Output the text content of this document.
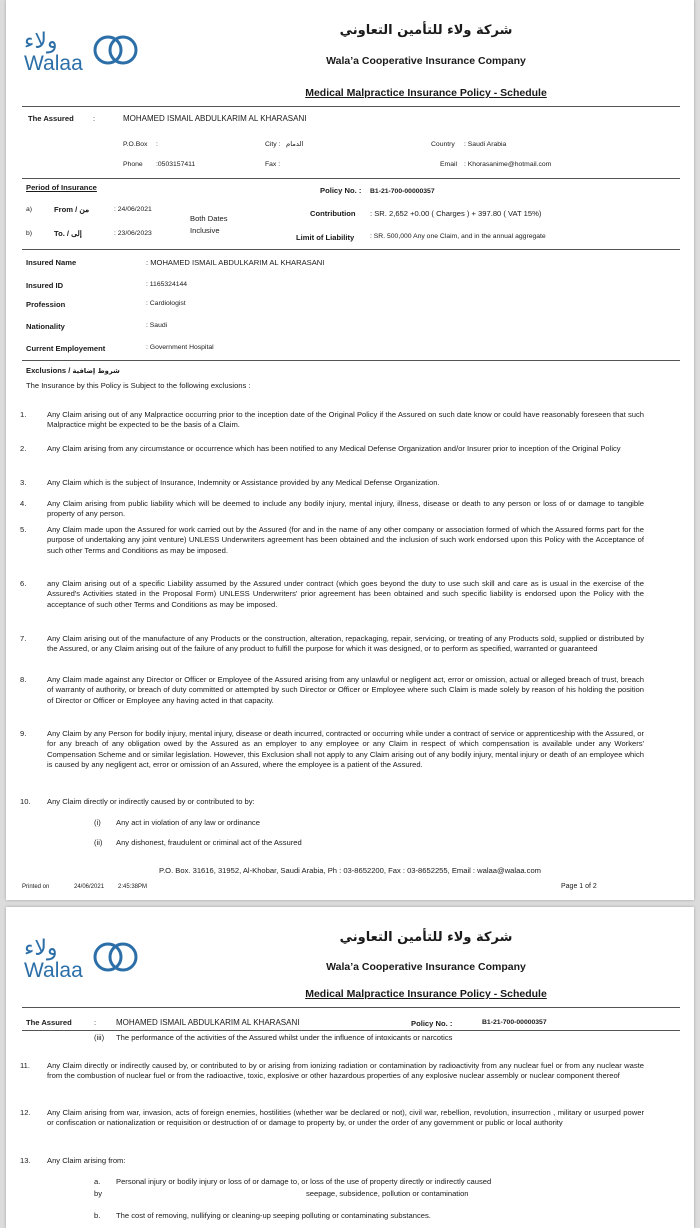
ولاء
Walaa
شركة ولاء للتأمين التعاوني
Wala’a Cooperative Insurance Company
Medical Malpractice Insurance Policy - Schedule
The Assured	:	MOHAMED ISMAIL ABDULKARIM AL KHARASANI
P.O.Box :	City : الدمام	Country : Saudi Arabia
Phone :0503157411	Fax :	Email : Khorasanime@hotmail.com
Period of Insurance	Policy No. : B1-21-700-00000357
a)	From / من	: 24/06/2021
Both Dates
Inclusive
Contribution : SR. 2,652 +0.00 ( Charges ) + 397.80 ( VAT 15%)
b)	To. / إلى	: 23/06/2023	Limit of Liability : SR. 500,000 Any one Claim, and in the annual aggregate
Insured Name	: MOHAMED ISMAIL ABDULKARIM AL KHARASANI
Insured ID	: 1165324144
Profession	: Cardiologist
Nationality	: Saudi
Current Employement	: Government Hospital
Exclusions / شروط إضافية
The Insurance by this Policy is Subject to the following exclusions :
1.	Any Claim arising out of any Malpractice occurring prior to the inception date of the Original Policy if the Assured on such date know or could have reasonably foreseen that such Malpractice might be expected to be the basis of a Claim.
2.	Any Claim arising from any circumstance or occurrence which has been notified to any Medical Defense Organization and/or Insurer prior to inception of the Original Policy
3.	Any Claim which is the subject of Insurance, Indemnity or Assistance provided by any Medical Defense Organization.
4.	Any Claim arising from public liability which will be deemed to include any bodily injury, mental injury, illness, disease or death to any person or loss of or damage to tangible property of any person.
5.	Any Claim made upon the Assured for work carried out by the Assured (for and in the name of any other company or association formed of which the Assured forms part for the purpose of undertaking any joint venture) UNLESS Underwriters agreement has been obtained and the inclusion of such work endorsed upon this Policy with the Acceptance of such other Terms and Conditions as may be imposed.
6.	any Claim arising out of a specific Liability assumed by the Assured under contract (which goes beyond the duty to use such skill and care as is usual in the exercise of the Assured's Activities stated in the Proposal Form) UNLESS Underwriters' prior agreement has been obtained and such specific liability is endorsed upon the Policy with the acceptance of such other Terms and Conditions as may be imposed.
7.	Any Claim arising out of the manufacture of any Products or the construction, alteration, repackaging, repair, servicing, or treating of any Products sold, supplied or distributed by the Assured, or any Claim arising out of the failure of any product to fulfill the purpose for which it was designed, or to perform as specified, warranted or guaranteed
8.	Any Claim made against any Director or Officer or Employee of the Assured arising from any unlawful or negligent act, error or omission, actual or alleged breach of trust, breach of warranty of authority, or breach of duty committed or attempted by such Director or Officer or Employee where such Claim is made solely by reason of his holding the position of Director or Officer or Employee any having acted in that capacity.
9.	Any Claim by any Person for bodily injury, mental injury, disease or death incurred, contracted or occurring while under a contract of service or apprenticeship with the Assured, or for any breach of any obligation owed by the Assured as an employer to any employee or any Claim in respect of which compensation is available under any Workers' Compensation Scheme and or similar legislation. However, this Exclusion shall not apply to any Claim arising out of any bodily injury, mental injury or death of an employee which is caused by any negligent act, error or omission of an Assured, where the employee is a patient of the Assured.
10. Any Claim directly or indirectly caused by or contributed to by:
(i) Any act in violation of any law or ordinance
(ii) Any dishonest, fraudulent or criminal act of the Assured
P.O. Box. 31616, 31952, Al-Khobar, Saudi Arabia, Ph : 03-8652200, Fax : 03-8652255, Email : walaa@walaa.com
Printed on	24/06/2021 2:45:38PM	Page 1 of 2
ولاء
Walaa
شركة ولاء للتأمين التعاوني
Wala’a Cooperative Insurance Company
Medical Malpractice Insurance Policy - Schedule
The Assured	: MOHAMED ISMAIL ABDULKARIM AL KHARASANI	Policy No. :	B1-21-700-00000357
(iii) The performance of the activities of the Assured whilst under the influence of intoxicants or narcotics
11. Any Claim directly or indirectly caused by, or contributed to by or arising from ionizing radiation or contamination by radioactivity from any nuclear fuel or from any nuclear waste from the combustion of nuclear fuel or from the radioactive, toxic, explosive or other hazardous properties of any explosive nuclear assembly or nuclear component thereof
12. Any Claim arising from war, invasion, acts of foreign enemies, hostilities (whether war be declared or not), civil war, rebellion, revolution, insurrection , military or usurped power or confiscation or nationalization or requisition or destruction of or damage to property by, or under the order of any government or public or local authority
13. Any Claim arising from:
a. Personal injury or bodily injury or loss of or damage to, or loss of the use of property directly or indirectly caused
by	seepage, subsidence, pollution or contamination
b. The cost of removing, nullifying or cleaning-up seeping polluting or contaminating substances.
